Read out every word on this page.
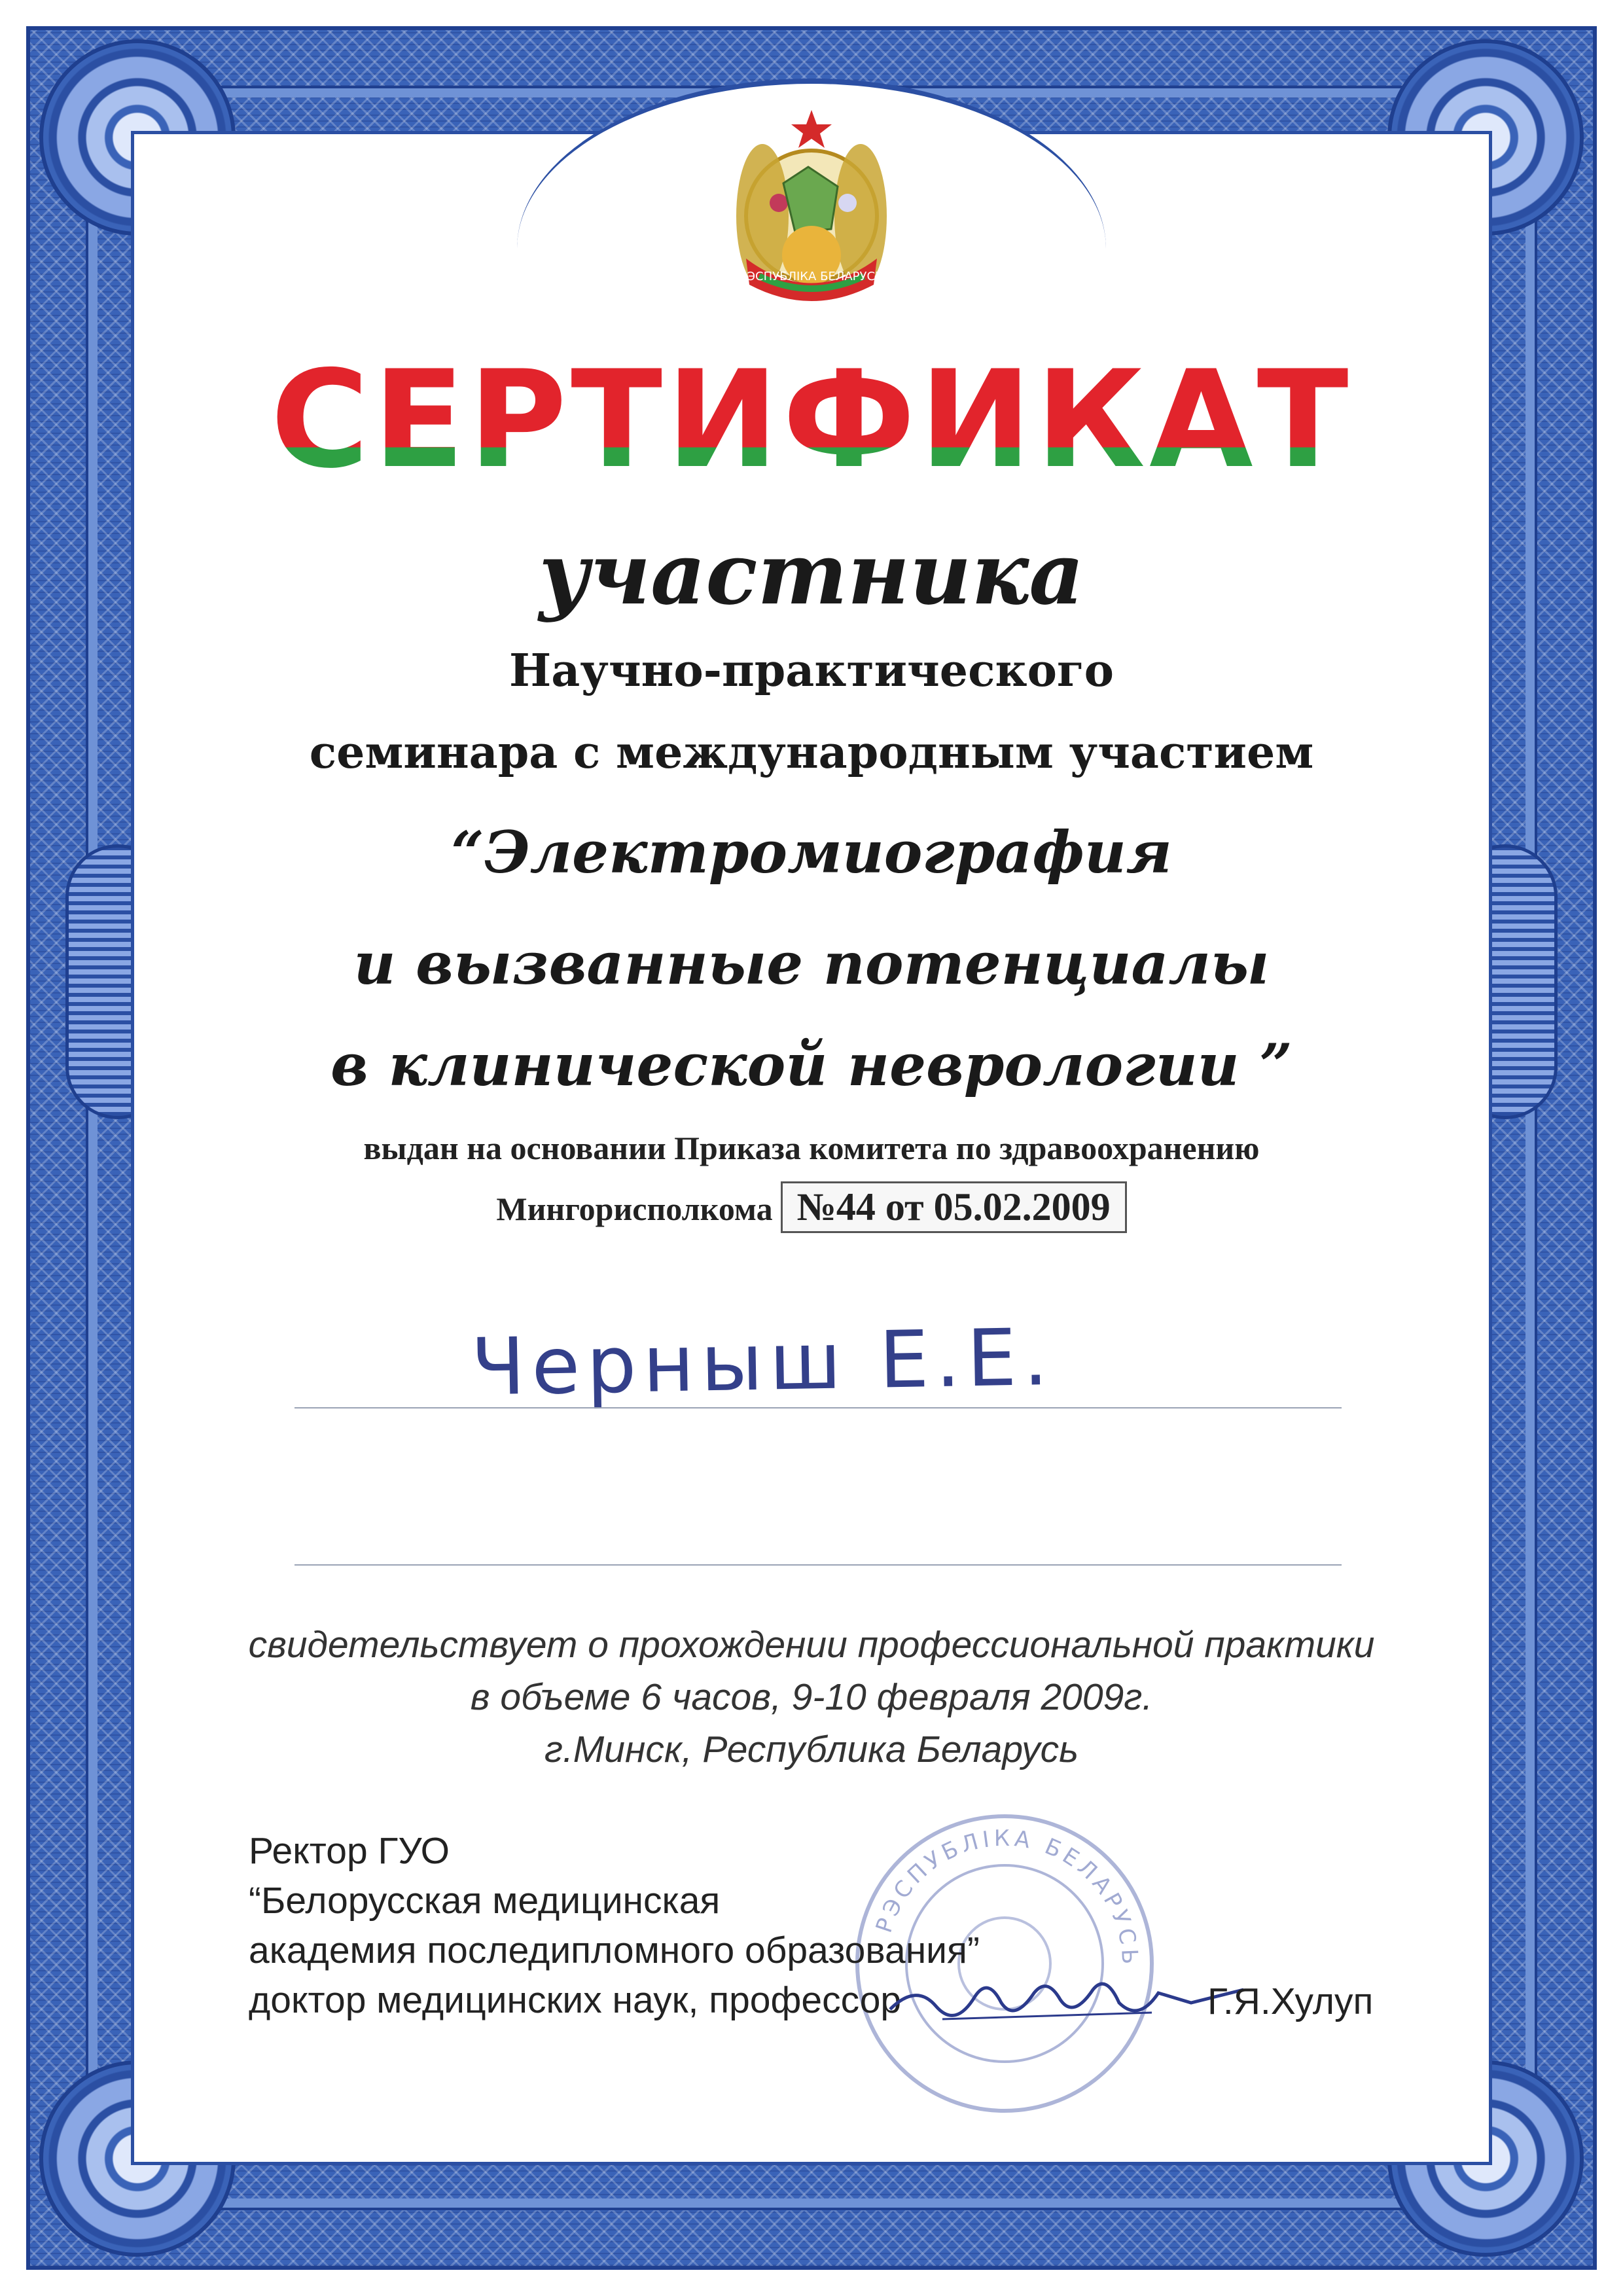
РЭСПУБЛІКА БЕЛАРУСЬ
СЕРТИФИКАТ
участника
Научно-практического
семинара с международным участием
“Электромиография
и вызванные потенциалы
в клинической неврологии ”
выдан на основании Приказа комитета по здравоохранению
Мингорисполкома №44 от 05.02.2009
Черныш Е.Е.
свидетельствует о прохождении профессиональной практики
в объеме 6 часов, 9-10 февраля 2009г.
г.Минск, Республика Беларусь
РЭСПУБЛІКА БЕЛАРУСЬ
Ректор ГУО
“Белорусская медицинская
академия последипломного образования”
доктор медицинских наук, профессор	Г.Я.Хулуп
